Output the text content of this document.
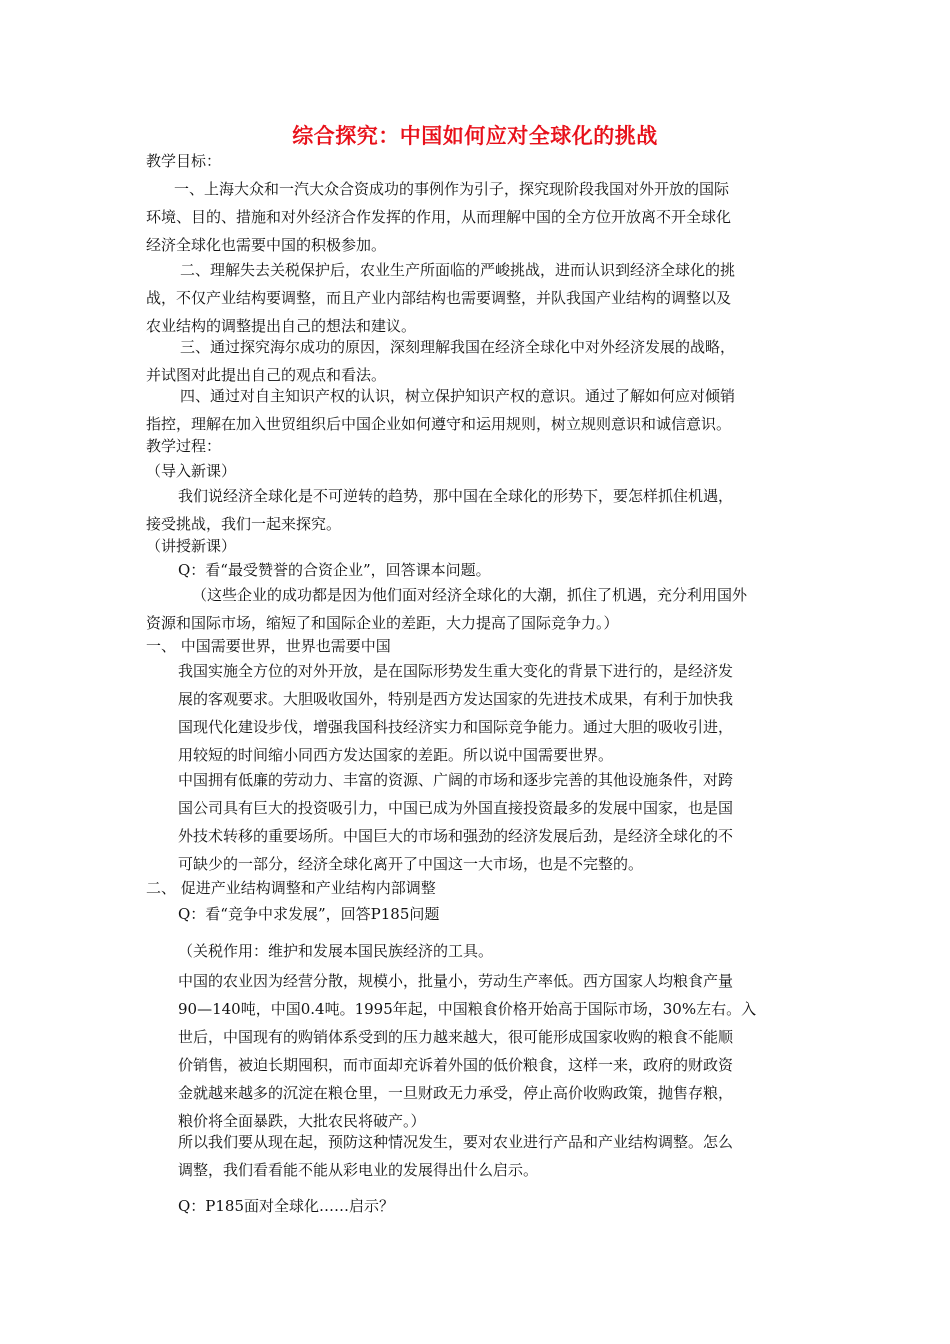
综合探究：中国如何应对全球化的挑战
教学目标：
一、上海大众和一汽大众合资成功的事例作为引子，探究现阶段我国对外开放的国际
环境、目的、措施和对外经济合作发挥的作用，从而理解中国的全方位开放离不开全球化
经济全球化也需要中国的积极参加。
二、理解失去关税保护后，农业生产所面临的严峻挑战，进而认识到经济全球化的挑
战，不仅产业结构要调整，而且产业内部结构也需要调整，并队我国产业结构的调整以及
农业结构的调整提出自己的想法和建议。
三、通过探究海尔成功的原因，深刻理解我国在经济全球化中对外经济发展的战略，
并试图对此提出自己的观点和看法。
四、通过对自主知识产权的认识，树立保护知识产权的意识。通过了解如何应对倾销
指控，理解在加入世贸组织后中国企业如何遵守和运用规则，树立规则意识和诚信意识。
教学过程：
（导入新课）
我们说经济全球化是不可逆转的趋势，那中国在全球化的形势下，要怎样抓住机遇，
接受挑战，我们一起来探究。
（讲授新课）
Q：看“最受赞誉的合资企业”，回答课本问题。
（这些企业的成功都是因为他们面对经济全球化的大潮，抓住了机遇，充分利用国外
资源和国际市场，缩短了和国际企业的差距，大力提高了国际竞争力。）
一、 中国需要世界，世界也需要中国
我国实施全方位的对外开放，是在国际形势发生重大变化的背景下进行的，是经济发
展的客观要求。大胆吸收国外，特别是西方发达国家的先进技术成果，有利于加快我
国现代化建设步伐，增强我国科技经济实力和国际竞争能力。通过大胆的吸收引进，
用较短的时间缩小同西方发达国家的差距。所以说中国需要世界。
中国拥有低廉的劳动力、丰富的资源、广阔的市场和逐步完善的其他设施条件，对跨
国公司具有巨大的投资吸引力，中国已成为外国直接投资最多的发展中国家，也是国
外技术转移的重要场所。中国巨大的市场和强劲的经济发展后劲，是经济全球化的不
可缺少的一部分，经济全球化离开了中国这一大市场，也是不完整的。
二、 促进产业结构调整和产业结构内部调整
Q：看“竞争中求发展”，回答P185问题
（关税作用：维护和发展本国民族经济的工具。
中国的农业因为经营分散，规模小，批量小，劳动生产率低。西方国家人均粮食产量
90—140吨，中国0.4吨。1995年起，中国粮食价格开始高于国际市场，30%左右。入
世后，中国现有的购销体系受到的压力越来越大，很可能形成国家收购的粮食不能顺
价销售，被迫长期囤积，而市面却充诉着外国的低价粮食，这样一来，政府的财政资
金就越来越多的沉淀在粮仓里，一旦财政无力承受，停止高价收购政策，抛售存粮，
粮价将全面暴跌，大批农民将破产。）
所以我们要从现在起，预防这种情况发生，要对农业进行产品和产业结构调整。怎么
调整，我们看看能不能从彩电业的发展得出什么启示。
Q：P185面对全球化……启示？
